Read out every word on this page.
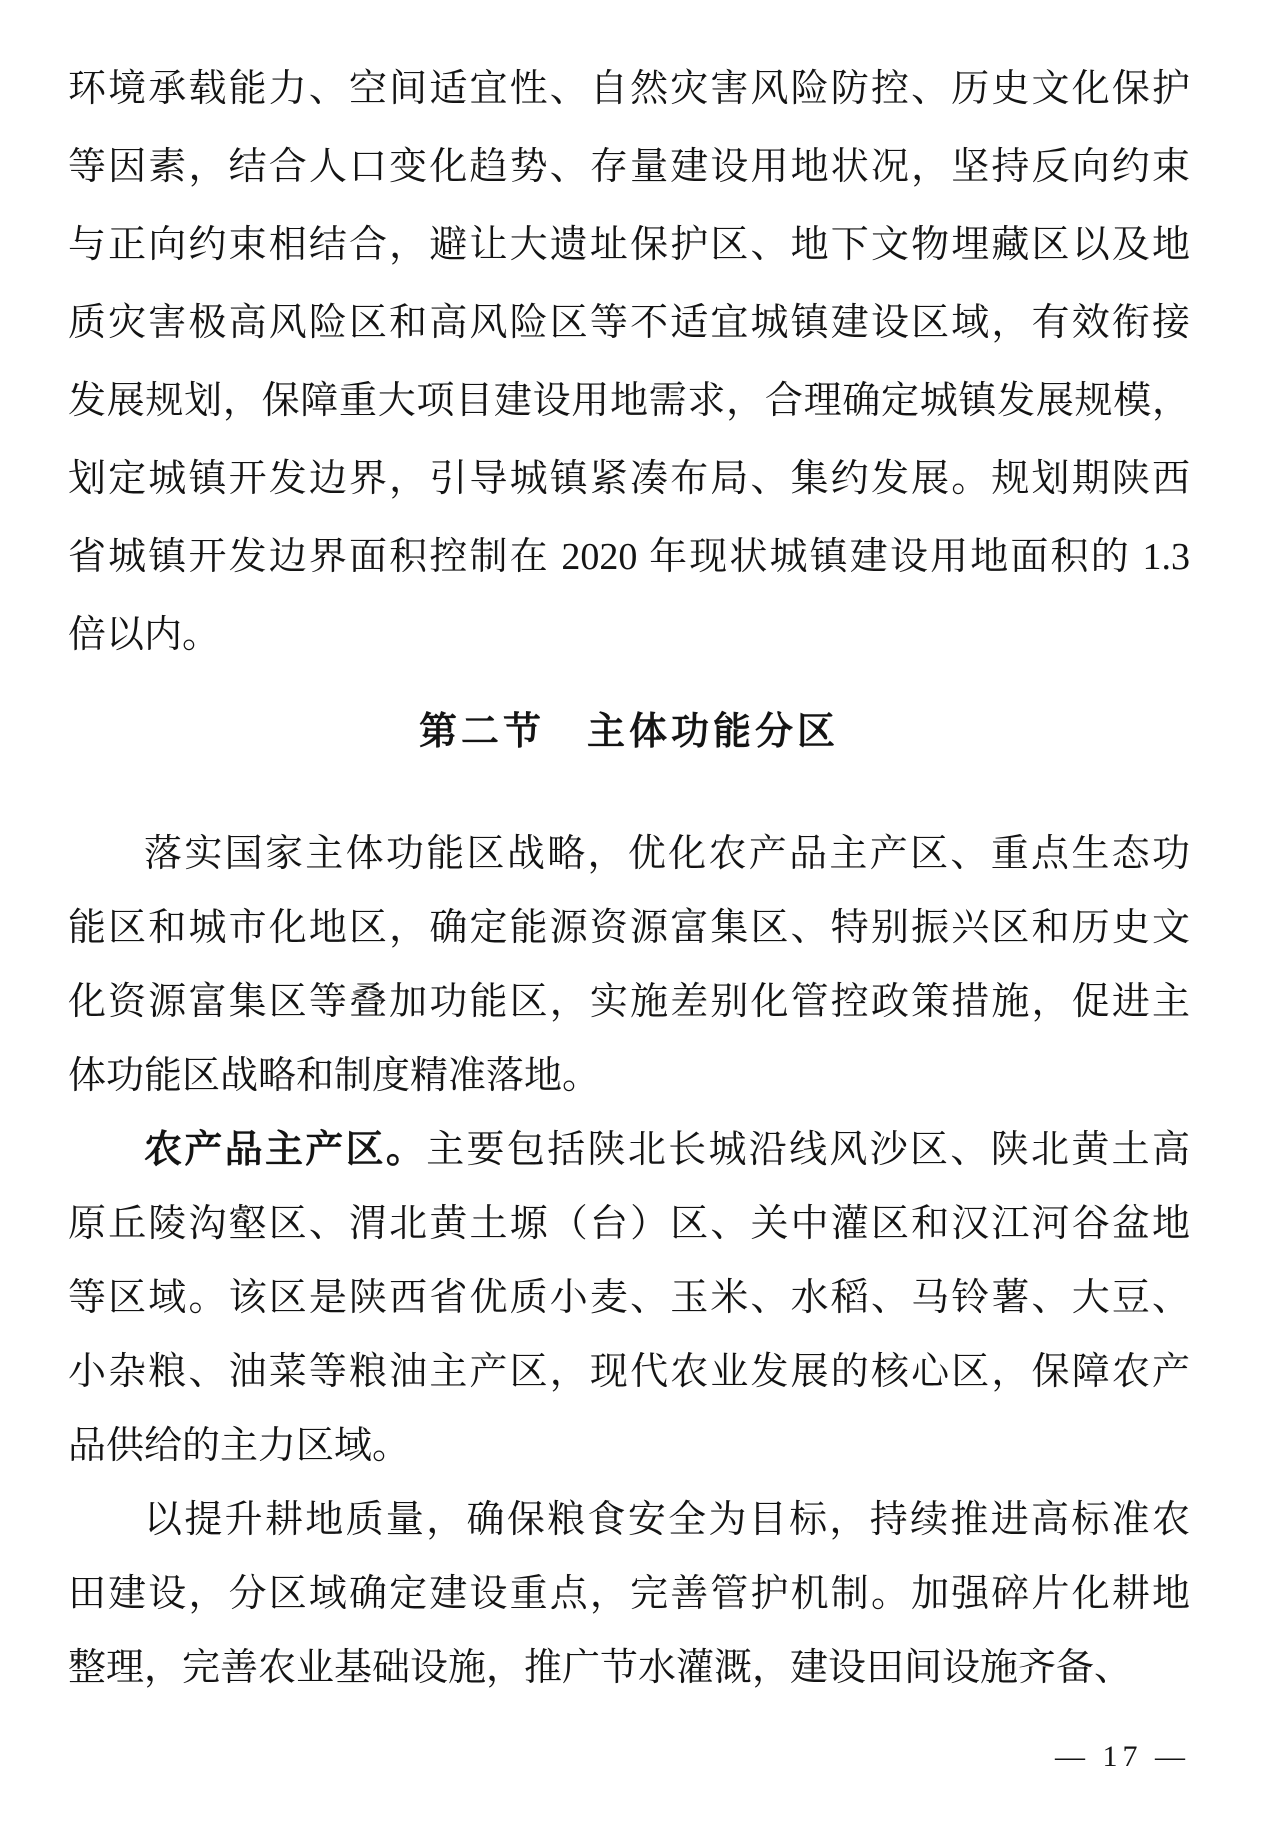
环境承载能力、空间适宜性、自然灾害风险防控、历史文化保护
等因素，结合人口变化趋势、存量建设用地状况，坚持反向约束
与正向约束相结合，避让大遗址保护区、地下文物埋藏区以及地
质灾害极高风险区和高风险区等不适宜城镇建设区域，有效衔接
发展规划，保障重大项目建设用地需求，合理确定城镇发展规模，
划定城镇开发边界，引导城镇紧凑布局、集约发展。规划期陕西
省城镇开发边界面积控制在 2020 年现状城镇建设用地面积的 1.3
倍以内。
第二节　主体功能分区
落实国家主体功能区战略，优化农产品主产区、重点生态功
能区和城市化地区，确定能源资源富集区、特别振兴区和历史文
化资源富集区等叠加功能区，实施差别化管控政策措施，促进主
体功能区战略和制度精准落地。
农产品主产区。主要包括陕北长城沿线风沙区、陕北黄土高
原丘陵沟壑区、渭北黄土塬（台）区、关中灌区和汉江河谷盆地
等区域。该区是陕西省优质小麦、玉米、水稻、马铃薯、大豆、
小杂粮、油菜等粮油主产区，现代农业发展的核心区，保障农产
品供给的主力区域。
以提升耕地质量，确保粮食安全为目标，持续推进高标准农
田建设，分区域确定建设重点，完善管护机制。加强碎片化耕地
整理，完善农业基础设施，推广节水灌溉，建设田间设施齐备、
— 17 —
